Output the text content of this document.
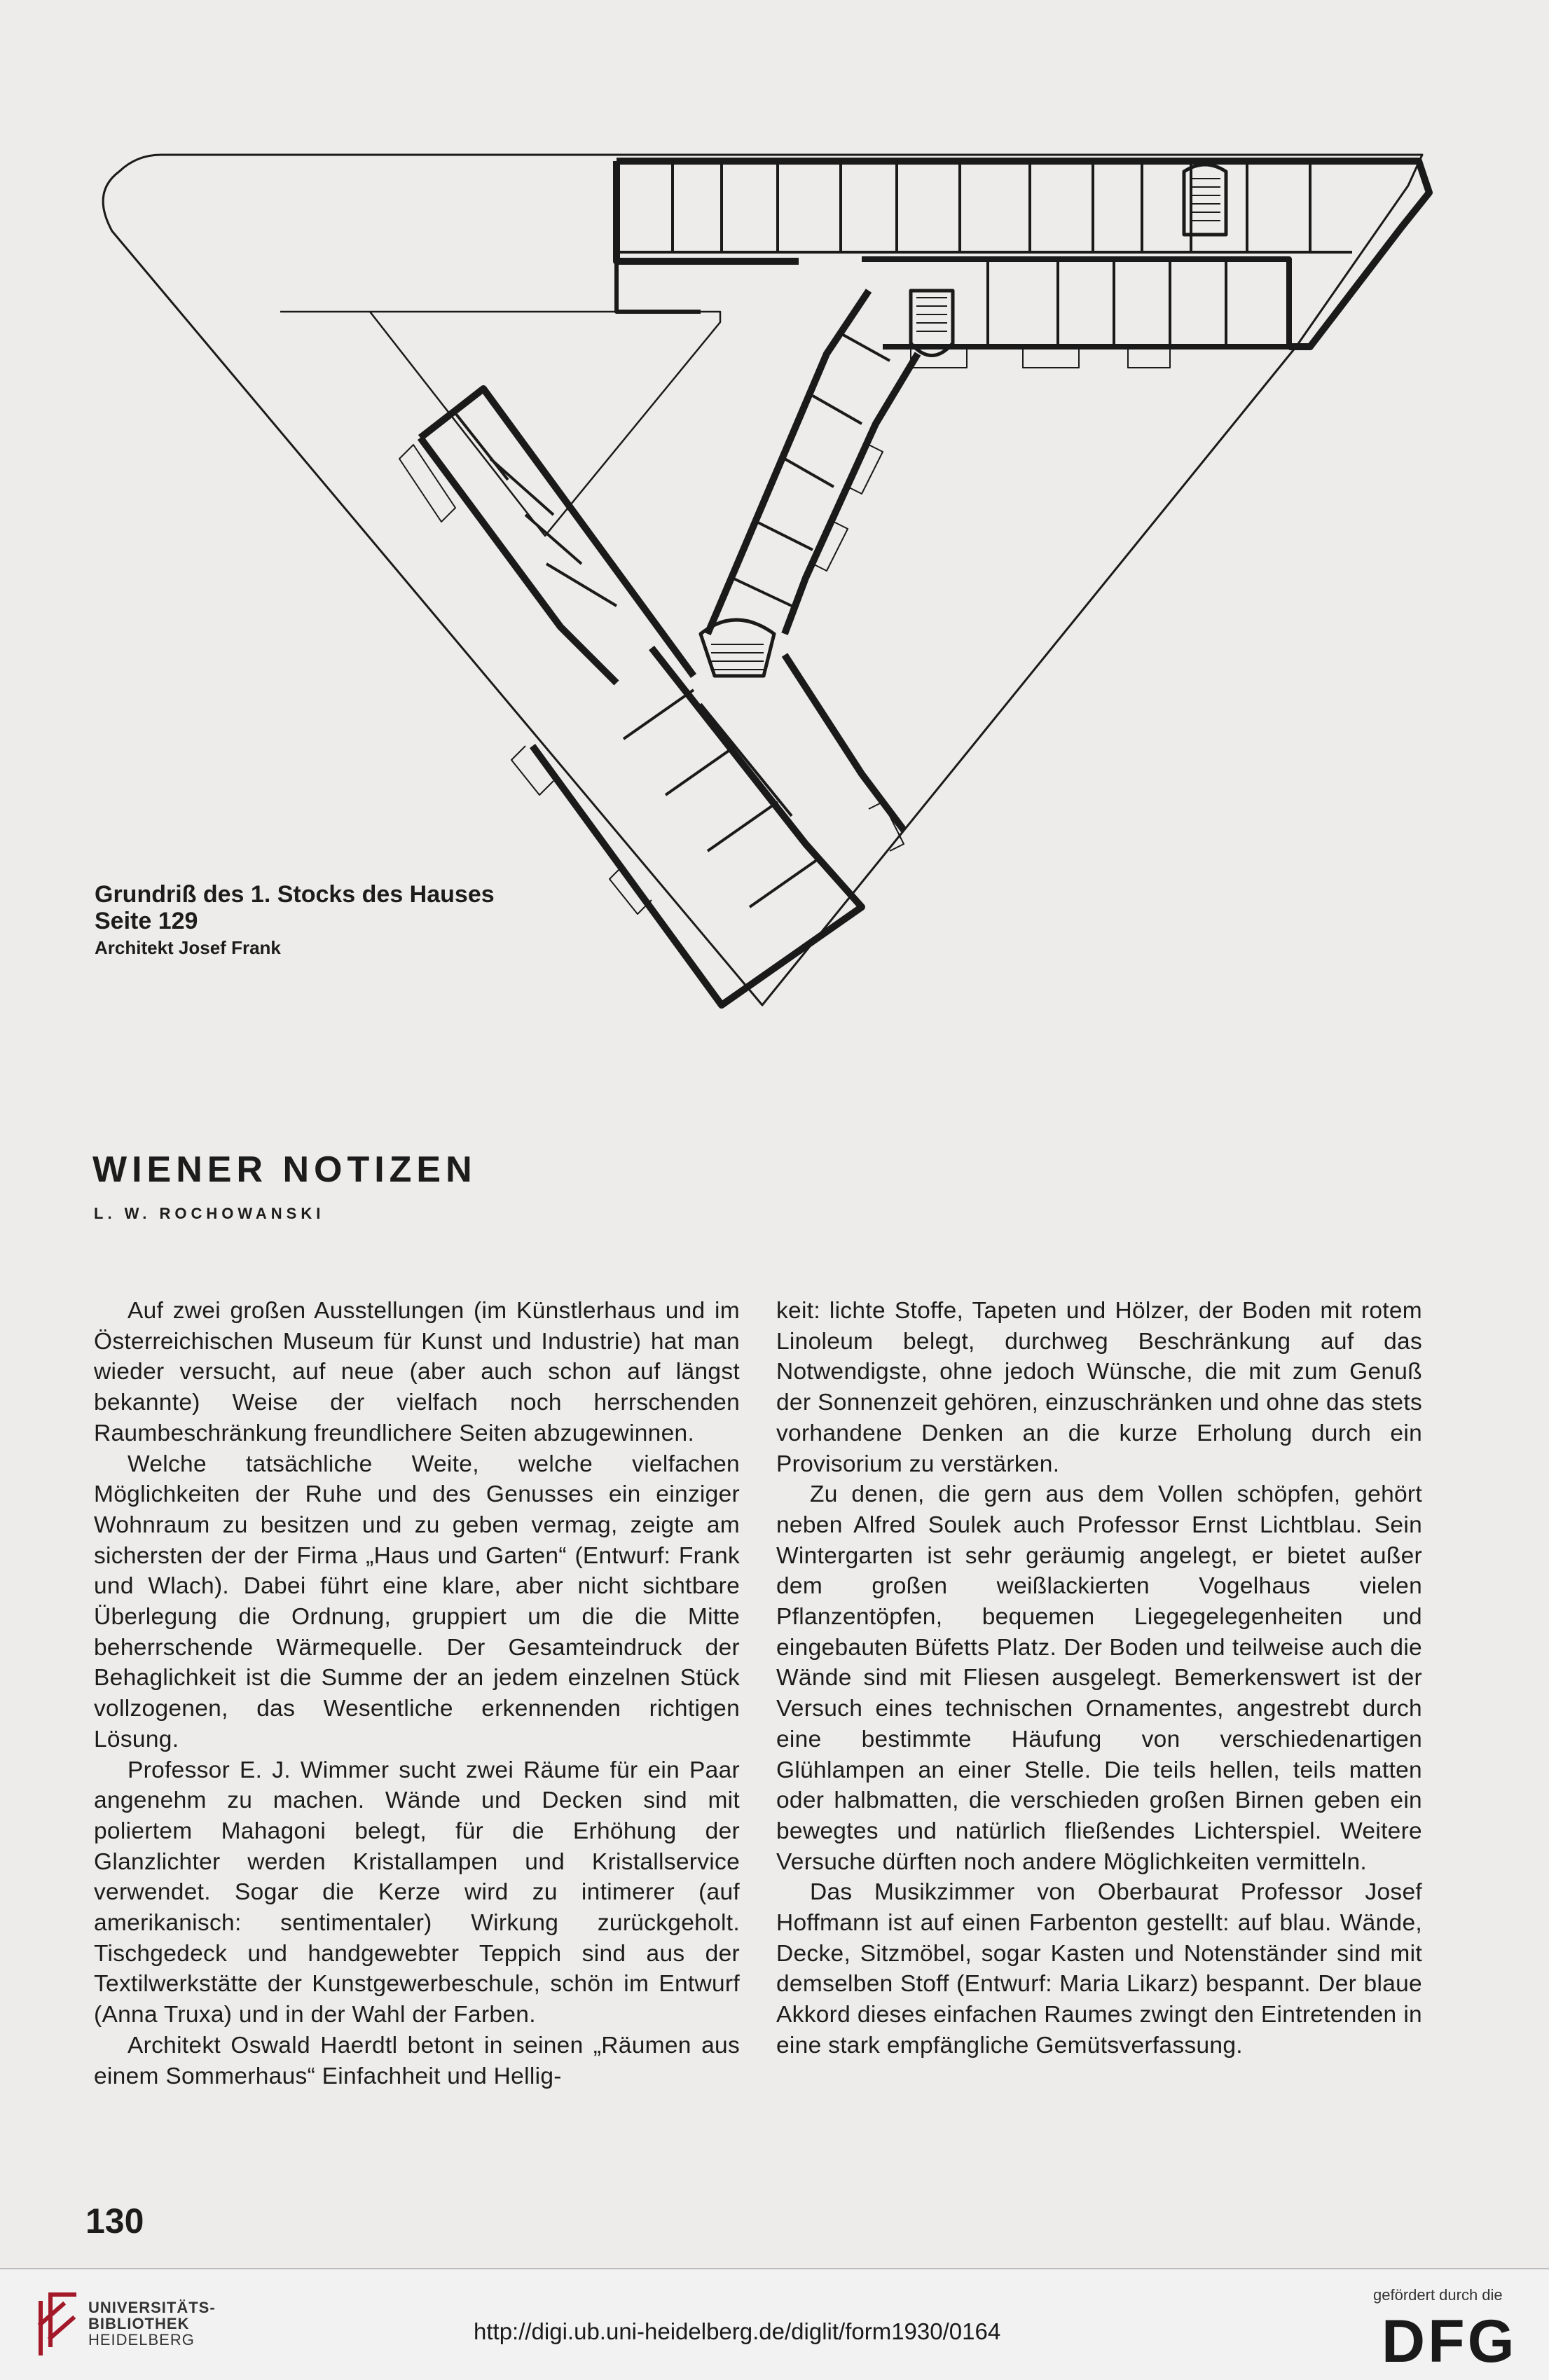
Grundriß des 1. Stocks des Hauses
Seite 129
Architekt Josef Frank
WIENER NOTIZEN
L. W. ROCHOWANSKI

Auf zwei großen Ausstellungen (im Künstlerhaus und im Österreichischen Museum für Kunst und Industrie) hat man wieder versucht, auf neue (aber auch schon auf längst bekannte) Weise der vielfach noch herrschenden Raumbeschränkung freundlichere Seiten abzugewinnen.

Welche tatsächliche Weite, welche vielfachen Möglichkeiten der Ruhe und des Genusses ein einziger Wohnraum zu besitzen und zu geben vermag, zeigte am sichersten der der Firma „Haus und Garten“ (Entwurf: Frank und Wlach). Dabei führt eine klare, aber nicht sichtbare Überlegung die Ordnung, gruppiert um die die Mitte beherrschende Wärmequelle. Der Gesamteindruck der Behaglichkeit ist die Summe der an jedem einzelnen Stück vollzogenen, das Wesentliche erkennenden richtigen Lösung.

Professor E. J. Wimmer sucht zwei Räume für ein Paar angenehm zu machen. Wände und Decken sind mit poliertem Mahagoni belegt, für die Erhöhung der Glanzlichter werden Kristallampen und Kristallservice verwendet. Sogar die Kerze wird zu intimerer (auf amerikanisch: sentimentaler) Wirkung zurückgeholt. Tischgedeck und handgewebter Teppich sind aus der Textilwerkstätte der Kunstgewerbeschule, schön im Entwurf (Anna Truxa) und in der Wahl der Farben.

Architekt Oswald Haerdtl betont in seinen „Räumen aus einem Sommerhaus“ Einfachheit und Hellig-

keit: lichte Stoffe, Tapeten und Hölzer, der Boden mit rotem Linoleum belegt, durchweg Beschränkung auf das Notwendigste, ohne jedoch Wünsche, die mit zum Genuß der Sonnenzeit gehören, einzuschränken und ohne das stets vorhandene Denken an die kurze Erholung durch ein Provisorium zu verstärken.

Zu denen, die gern aus dem Vollen schöpfen, gehört neben Alfred Soulek auch Professor Ernst Lichtblau. Sein Wintergarten ist sehr geräumig angelegt, er bietet außer dem großen weißlackierten Vogelhaus vielen Pflanzentöpfen, bequemen Liegegelegenheiten und eingebauten Büfetts Platz. Der Boden und teilweise auch die Wände sind mit Fliesen ausgelegt. Bemerkenswert ist der Versuch eines technischen Ornamentes, angestrebt durch eine bestimmte Häufung von verschiedenartigen Glühlampen an einer Stelle. Die teils hellen, teils matten oder halbmatten, die verschieden großen Birnen geben ein bewegtes und natürlich fließendes Lichterspiel. Weitere Versuche dürften noch andere Möglichkeiten vermitteln.

Das Musikzimmer von Oberbaurat Professor Josef Hoffmann ist auf einen Farbenton gestellt: auf blau. Wände, Decke, Sitzmöbel, sogar Kasten und Notenständer sind mit demselben Stoff (Entwurf: Maria Likarz) bespannt. Der blaue Akkord dieses einfachen Raumes zwingt den Eintretenden in eine stark empfängliche Gemütsverfassung.

130
UNIVERSITÄTS-
BIBLIOTHEK
HEIDELBERG	http://digi.ub.uni-heidelberg.de/diglit/form1930/0164
gefördert durch die
DFG
